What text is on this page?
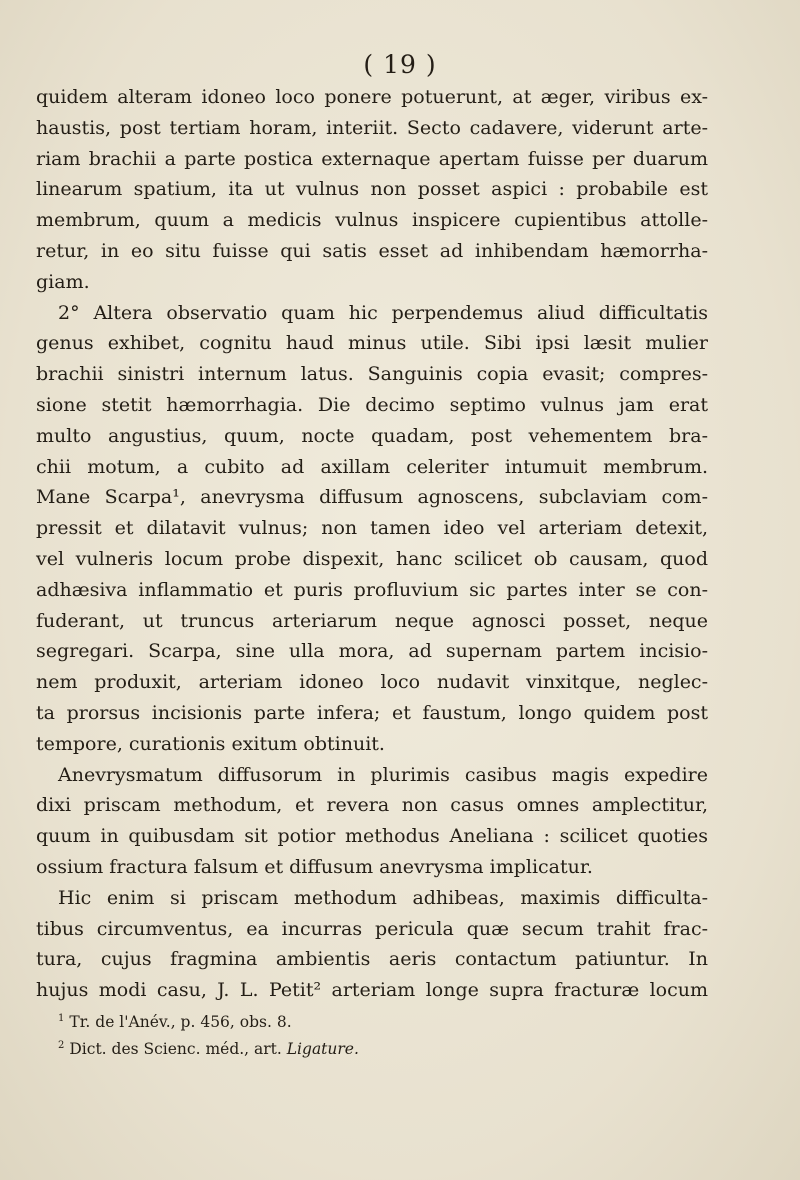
( 19 )
quidem alteram idoneo loco ponere potuerunt, at æger, viribus ex-
haustis, post tertiam horam, interiit. Secto cadavere, viderunt arte-
riam brachii a parte postica externaque apertam fuisse per duarum
linearum spatium, ita ut vulnus non posset aspici : probabile est
membrum, quum a medicis vulnus inspicere cupientibus attolle-
retur, in eo situ fuisse qui satis esset ad inhibendam hæmorrha-
giam.
2° Altera observatio quam hic perpendemus aliud difficultatis
genus exhibet, cognitu haud minus utile. Sibi ipsi læsit mulier
brachii sinistri internum latus. Sanguinis copia evasit; compres-
sione stetit hæmorrhagia. Die decimo septimo vulnus jam erat
multo angustius, quum, nocte quadam, post vehementem bra-
chii motum, a cubito ad axillam celeriter intumuit membrum.
Mane Scarpa¹, anevrysma diffusum agnoscens, subclaviam com-
pressit et dilatavit vulnus; non tamen ideo vel arteriam detexit,
vel vulneris locum probe dispexit, hanc scilicet ob causam, quod
adhæsiva inflammatio et puris profluvium sic partes inter se con-
fuderant, ut truncus arteriarum neque agnosci posset, neque
segregari. Scarpa, sine ulla mora, ad supernam partem incisio-
nem produxit, arteriam idoneo loco nudavit vinxitque, neglec-
ta prorsus incisionis parte infera; et faustum, longo quidem post
tempore, curationis exitum obtinuit.
Anevrysmatum diffusorum in plurimis casibus magis expedire
dixi priscam methodum, et revera non casus omnes amplectitur,
quum in quibusdam sit potior methodus Aneliana : scilicet quoties
ossium fractura falsum et diffusum anevrysma implicatur.
Hic enim si priscam methodum adhibeas, maximis difficulta-
tibus circumventus, ea incurras pericula quæ secum trahit frac-
tura, cujus fragmina ambientis aeris contactum patiuntur. In
hujus modi casu, J. L. Petit² arteriam longe supra fracturæ locum
$^1$ Tr. de l'Anév., p. 456, obs. 8.
$^2$ Dict. des Scienc. méd., art. Ligature.
